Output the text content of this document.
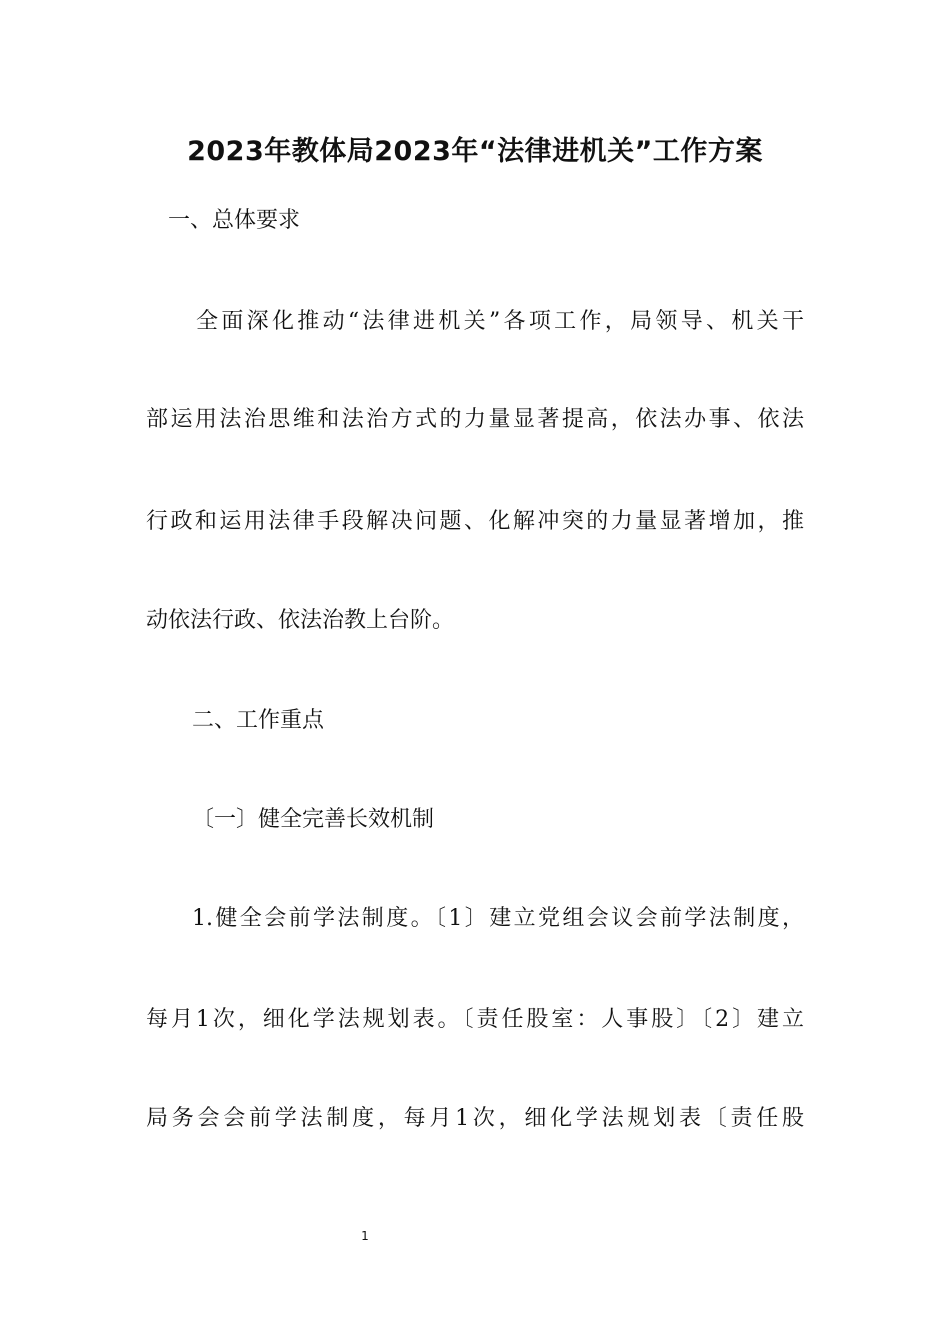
2023年教体局2023年“法律进机关”工作方案
一、总体要求
全面深化推动“法律进机关”各项工作，局领导、机关干
部运用法治思维和法治方式的力量显著提高，依法办事、依法
行政和运用法律手段解决问题、化解冲突的力量显著增加，推
动依法行政、依法治教上台阶。
二、工作重点
〔一〕健全完善长效机制
1.健全会前学法制度。〔1〕建立党组会议会前学法制度，
每月1次，细化学法规划表。〔责任股室：人事股〕〔2〕建立
局务会会前学法制度，每月1次，细化学法规划表〔责任股
1
